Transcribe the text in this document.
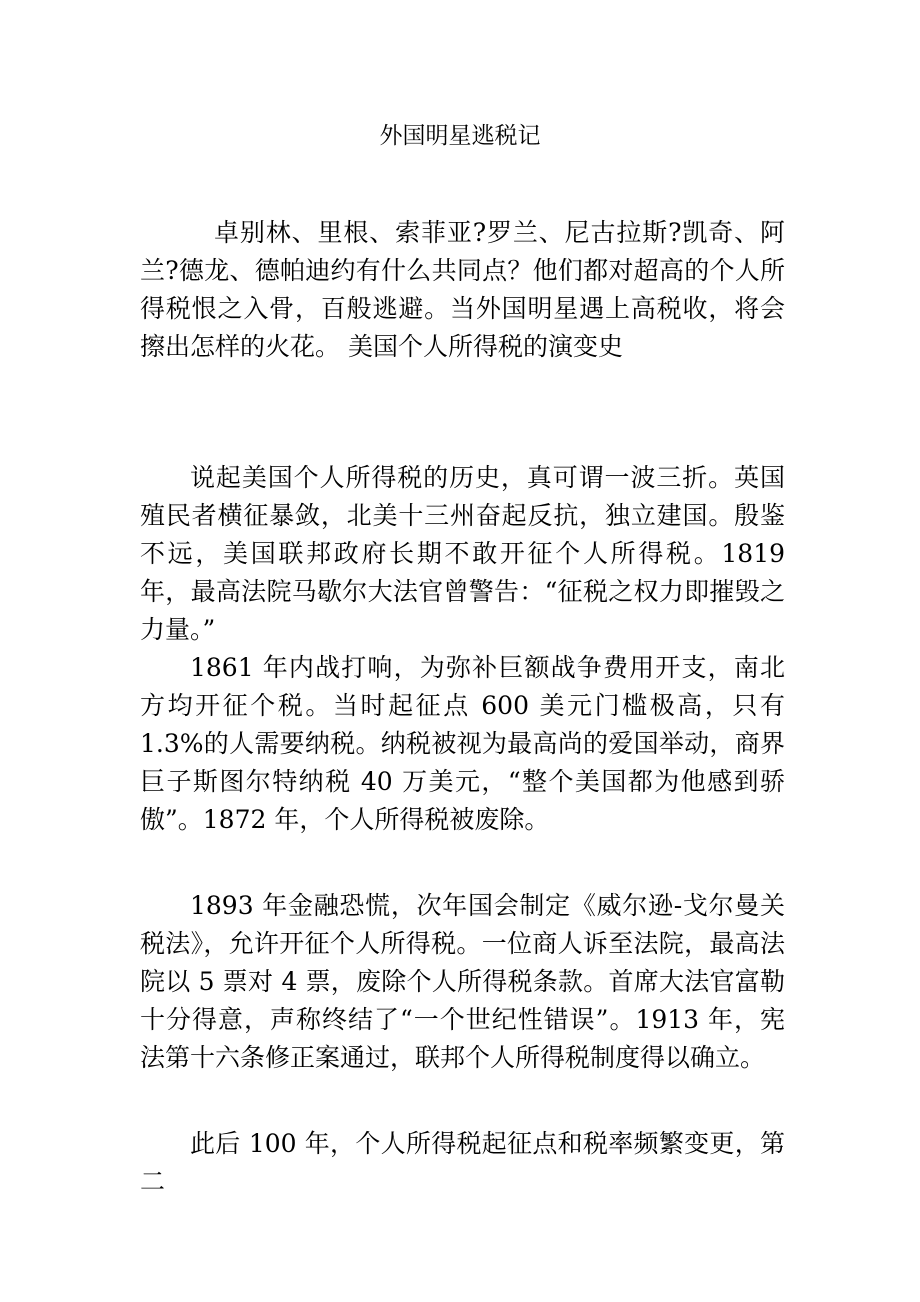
外国明星逃税记

卓别林、里根、索菲亚?罗兰、尼古拉斯?凯奇、阿兰?德龙、德帕迪约有什么共同点？他们都对超高的个人所得税恨之入骨，百般逃避。当外国明星遇上高税收，将会擦出怎样的火花。 美国个人所得税的演变史

说起美国个人所得税的历史，真可谓一波三折。英国殖民者横征暴敛，北美十三州奋起反抗，独立建国。殷鉴不远，美国联邦政府长期不敢开征个人所得税。1819 年，最高法院马歇尔大法官曾警告：“征税之权力即摧毁之力量。”

1861 年内战打响，为弥补巨额战争费用开支，南北方均开征个税。当时起征点 600 美元门槛极高，只有 1.3%的人需要纳税。纳税被视为最高尚的爱国举动，商界巨子斯图尔特纳税 40 万美元，“整个美国都为他感到骄傲”。1872 年，个人所得税被废除。

1893 年金融恐慌，次年国会制定《威尔逊-戈尔曼关税法》，允许开征个人所得税。一位商人诉至法院，最高法院以 5 票对 4 票，废除个人所得税条款。首席大法官富勒十分得意，声称终结了“一个世纪性错误”。1913 年，宪法第十六条修正案通过，联邦个人所得税制度得以确立。

此后 100 年，个人所得税起征点和税率频繁变更，第二
